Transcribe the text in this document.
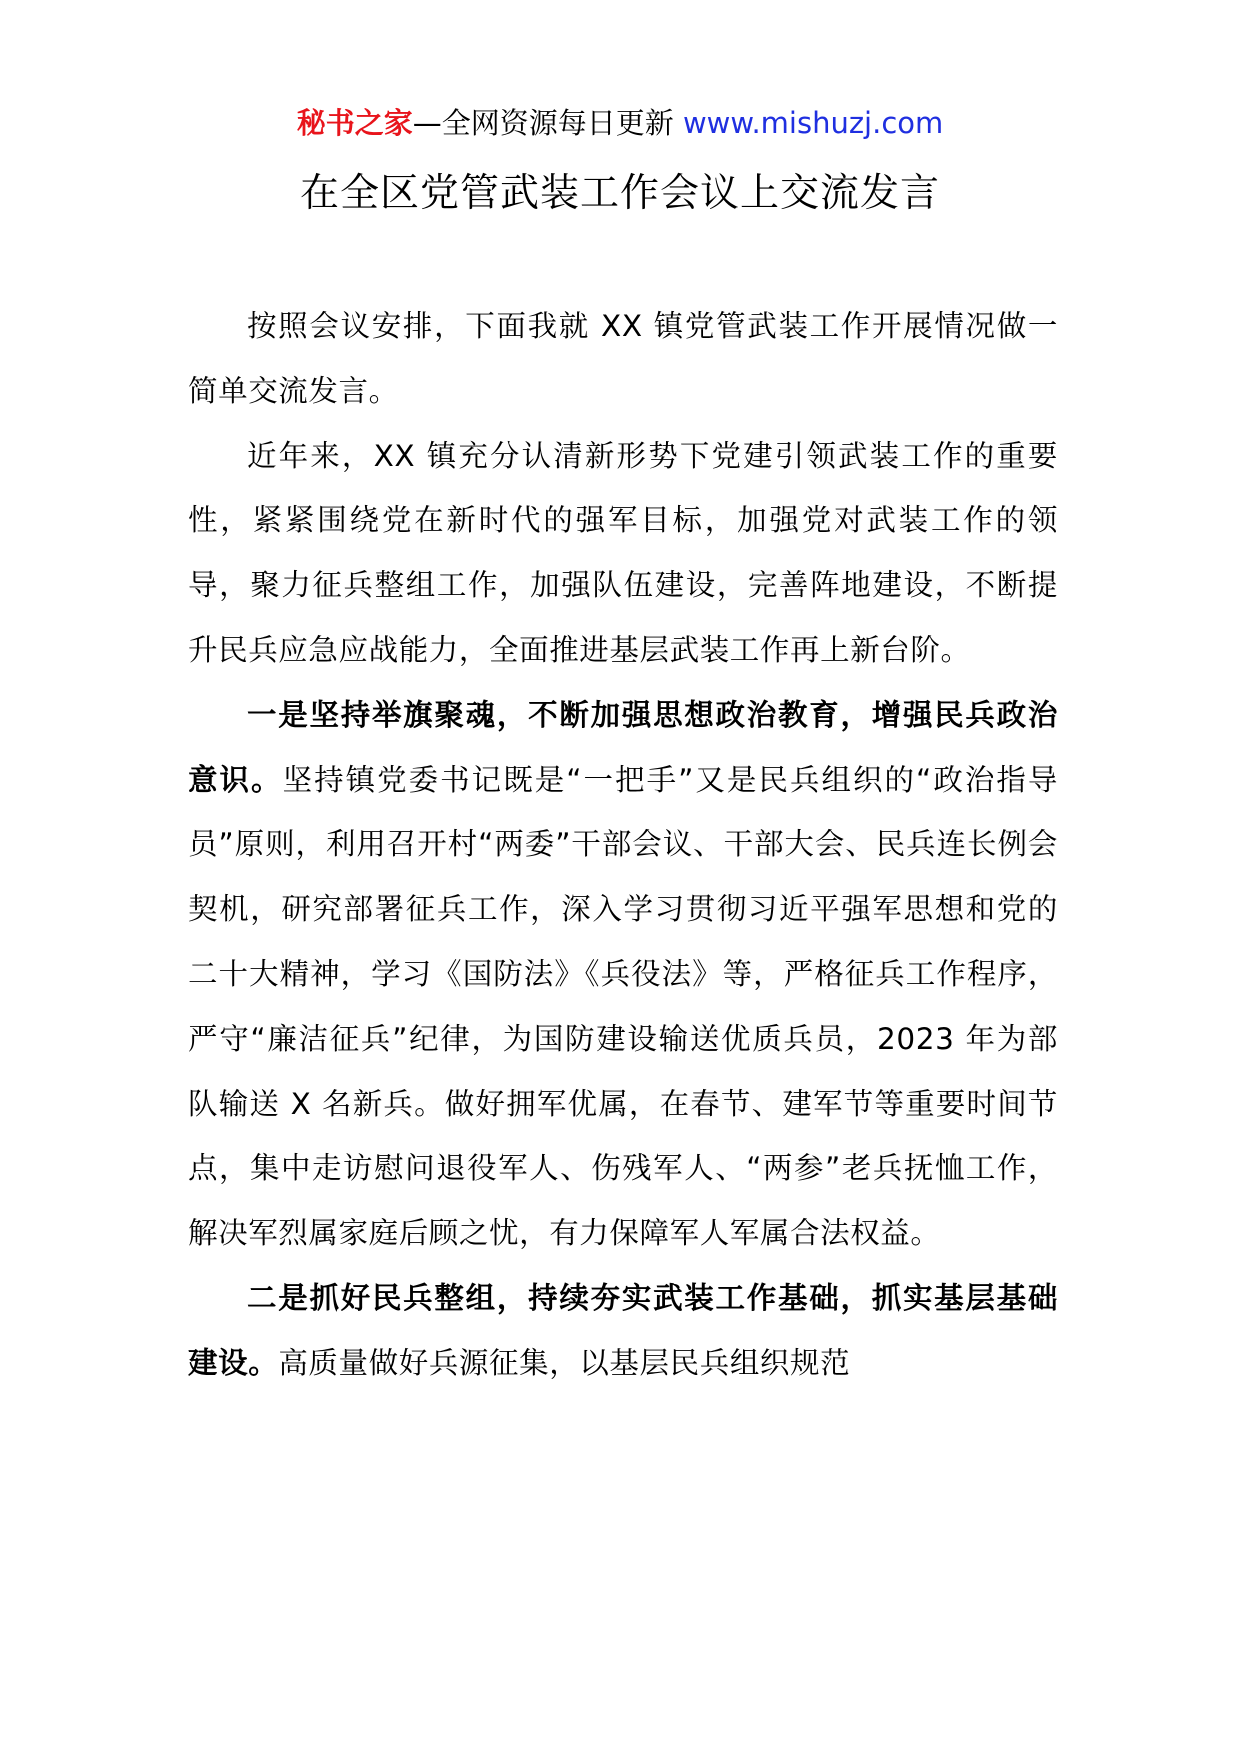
秘书之家—全网资源每日更新 www.mishuzj.com
在全区党管武装工作会议上交流发言

按照会议安排，下面我就 XX 镇党管武装工作开展情况做一简单交流发言。

近年来，XX 镇充分认清新形势下党建引领武装工作的重要性，紧紧围绕党在新时代的强军目标，加强党对武装工作的领导，聚力征兵整组工作，加强队伍建设，完善阵地建设，不断提升民兵应急应战能力，全面推进基层武装工作再上新台阶。

一是坚持举旗聚魂，不断加强思想政治教育，增强民兵政治意识。坚持镇党委书记既是“一把手”又是民兵组织的“政治指导员”原则，利用召开村“两委”干部会议、干部大会、民兵连长例会契机，研究部署征兵工作，深入学习贯彻习近平强军思想和党的二十大精神，学习《国防法》《兵役法》等，严格征兵工作程序，严守“廉洁征兵”纪律，为国防建设输送优质兵员，2023 年为部队输送 X 名新兵。做好拥军优属，在春节、建军节等重要时间节点，集中走访慰问退役军人、伤残军人、“两参”老兵抚恤工作，解决军烈属家庭后顾之忧，有力保障军人军属合法权益。

二是抓好民兵整组，持续夯实武装工作基础，抓实基层基础建设。高质量做好兵源征集，以基层民兵组织规范
